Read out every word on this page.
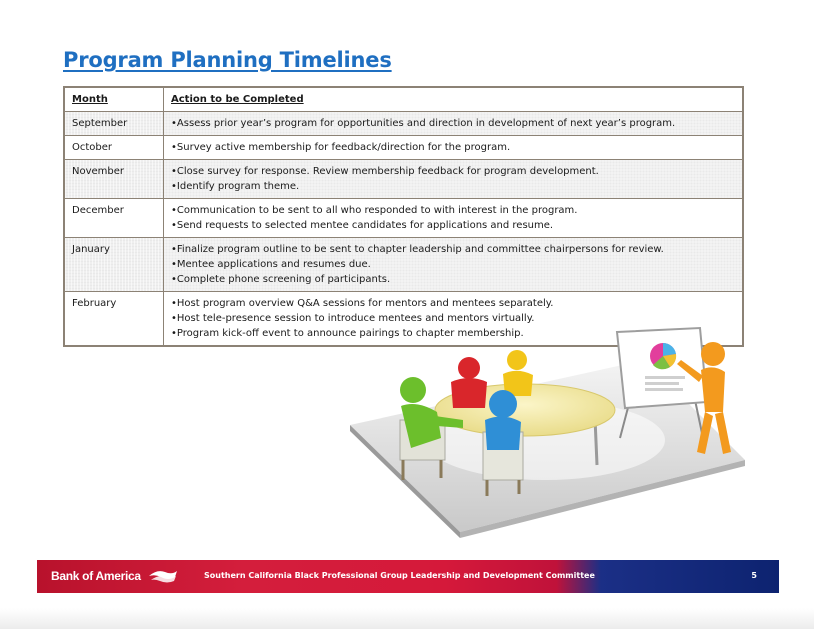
Program Planning Timelines
Month	Action to be Completed
September	•Assess prior year’s program for opportunities and direction in development of next year’s program.

October	•Survey active membership for feedback/direction for the program.

November	•Close survey for response. Review membership feedback for program development.
•Identify program theme.

December	•Communication to be sent to all who responded to with interest in the program.
•Send requests to selected mentee candidates for applications and resume.

January	•Finalize program outline to be sent to chapter leadership and committee chairpersons for review.
•Mentee applications and resumes due.
•Complete phone screening of participants.

February	•Host program overview Q&A sessions for mentors and mentees separately.
•Host tele-presence session to introduce mentees and mentors virtually.
•Program kick-off event to announce pairings to chapter membership.
Bank of America	Southern California Black Professional Group Leadership and Development Committee	5
